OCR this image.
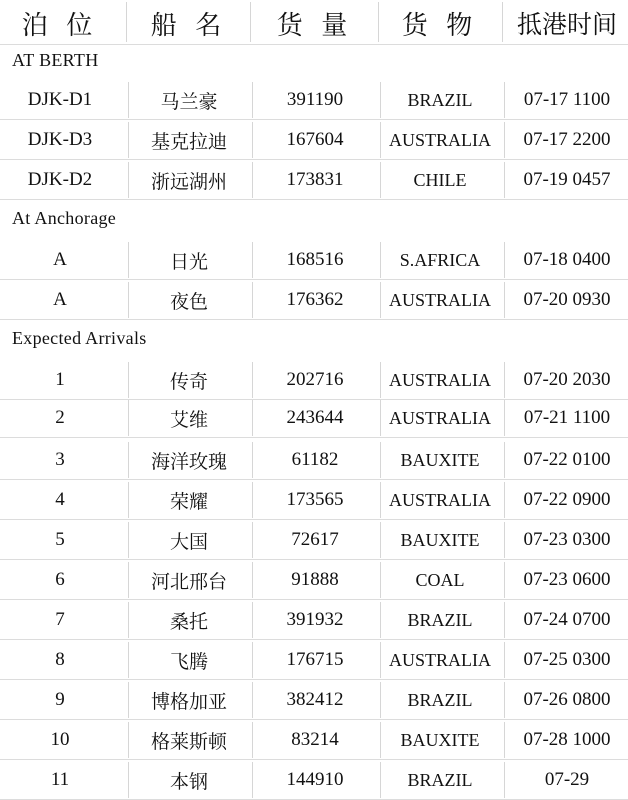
泊 位	船 名	货 量	货 物	抵港时间
AT BERTH
DJK-D1	马兰豪	391190	BRAZIL	07-17 1100
DJK-D3	基克拉迪	167604	AUSTRALIA	07-17 2200
DJK-D2	浙远湖州	173831	CHILE	07-19 0457
At Anchorage
A	日光	168516	S.AFRICA	07-18 0400
A	夜色	176362	AUSTRALIA	07-20 0930
Expected Arrivals
1	传奇	202716	AUSTRALIA	07-20 2030
2	艾维	243644	AUSTRALIA	07-21 1100
3	海洋玫瑰	61182	BAUXITE	07-22 0100
4	荣耀	173565	AUSTRALIA	07-22 0900
5	大国	72617	BAUXITE	07-23 0300
6	河北邢台	91888	COAL	07-23 0600
7	桑托	391932	BRAZIL	07-24 0700
8	飞腾	176715	AUSTRALIA	07-25 0300
9	博格加亚	382412	BRAZIL	07-26 0800
10	格莱斯顿	83214	BAUXITE	07-28 1000
11	本钢	144910	BRAZIL	07-29
